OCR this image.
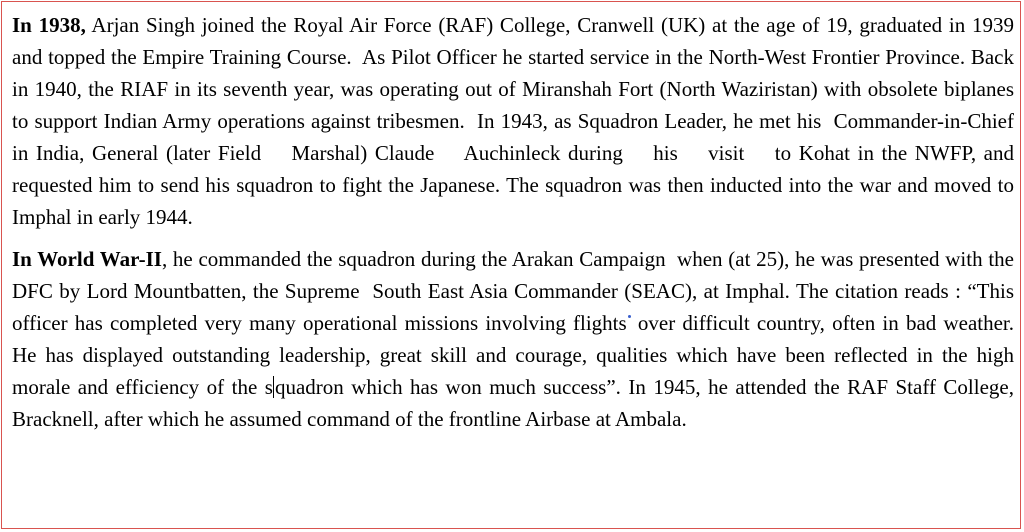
In 1938, Arjan Singh joined the Royal Air Force (RAF) College, Cranwell (UK) at the age of 19, graduated in 1939 and topped the Empire Training Course.  As Pilot Officer he started service in the North-West Frontier Province. Back in 1940, the RIAF in its seventh year, was operating out of Miranshah Fort (North Waziristan) with obsolete biplanes to support Indian Army operations against tribesmen.  In 1943, as Squadron Leader, he met his  Commander-in-Chief in India, General (later Field    Marshal) Claude    Auchinleck during    his    visit    to Kohat in the NWFP, and requested him to send his squadron to fight the Japanese. The squadron was then inducted into the war and moved to Imphal in early 1944.

In World War-II, he commanded the squadron during the Arakan Campaign  when (at 25), he was presented with the DFC by Lord Mountbatten, the Supreme  South East Asia Commander (SEAC), at Imphal. The citation reads : “This officer has completed very many operational missions involving flights over difficult country, often in bad weather. He has displayed outstanding leadership, great skill and courage, qualities which have been reflected in the high morale and efficiency of the squadron which has won much success”. In 1945, he attended the RAF Staff College, Bracknell, after which he assumed command of the frontline Airbase at Ambala.
